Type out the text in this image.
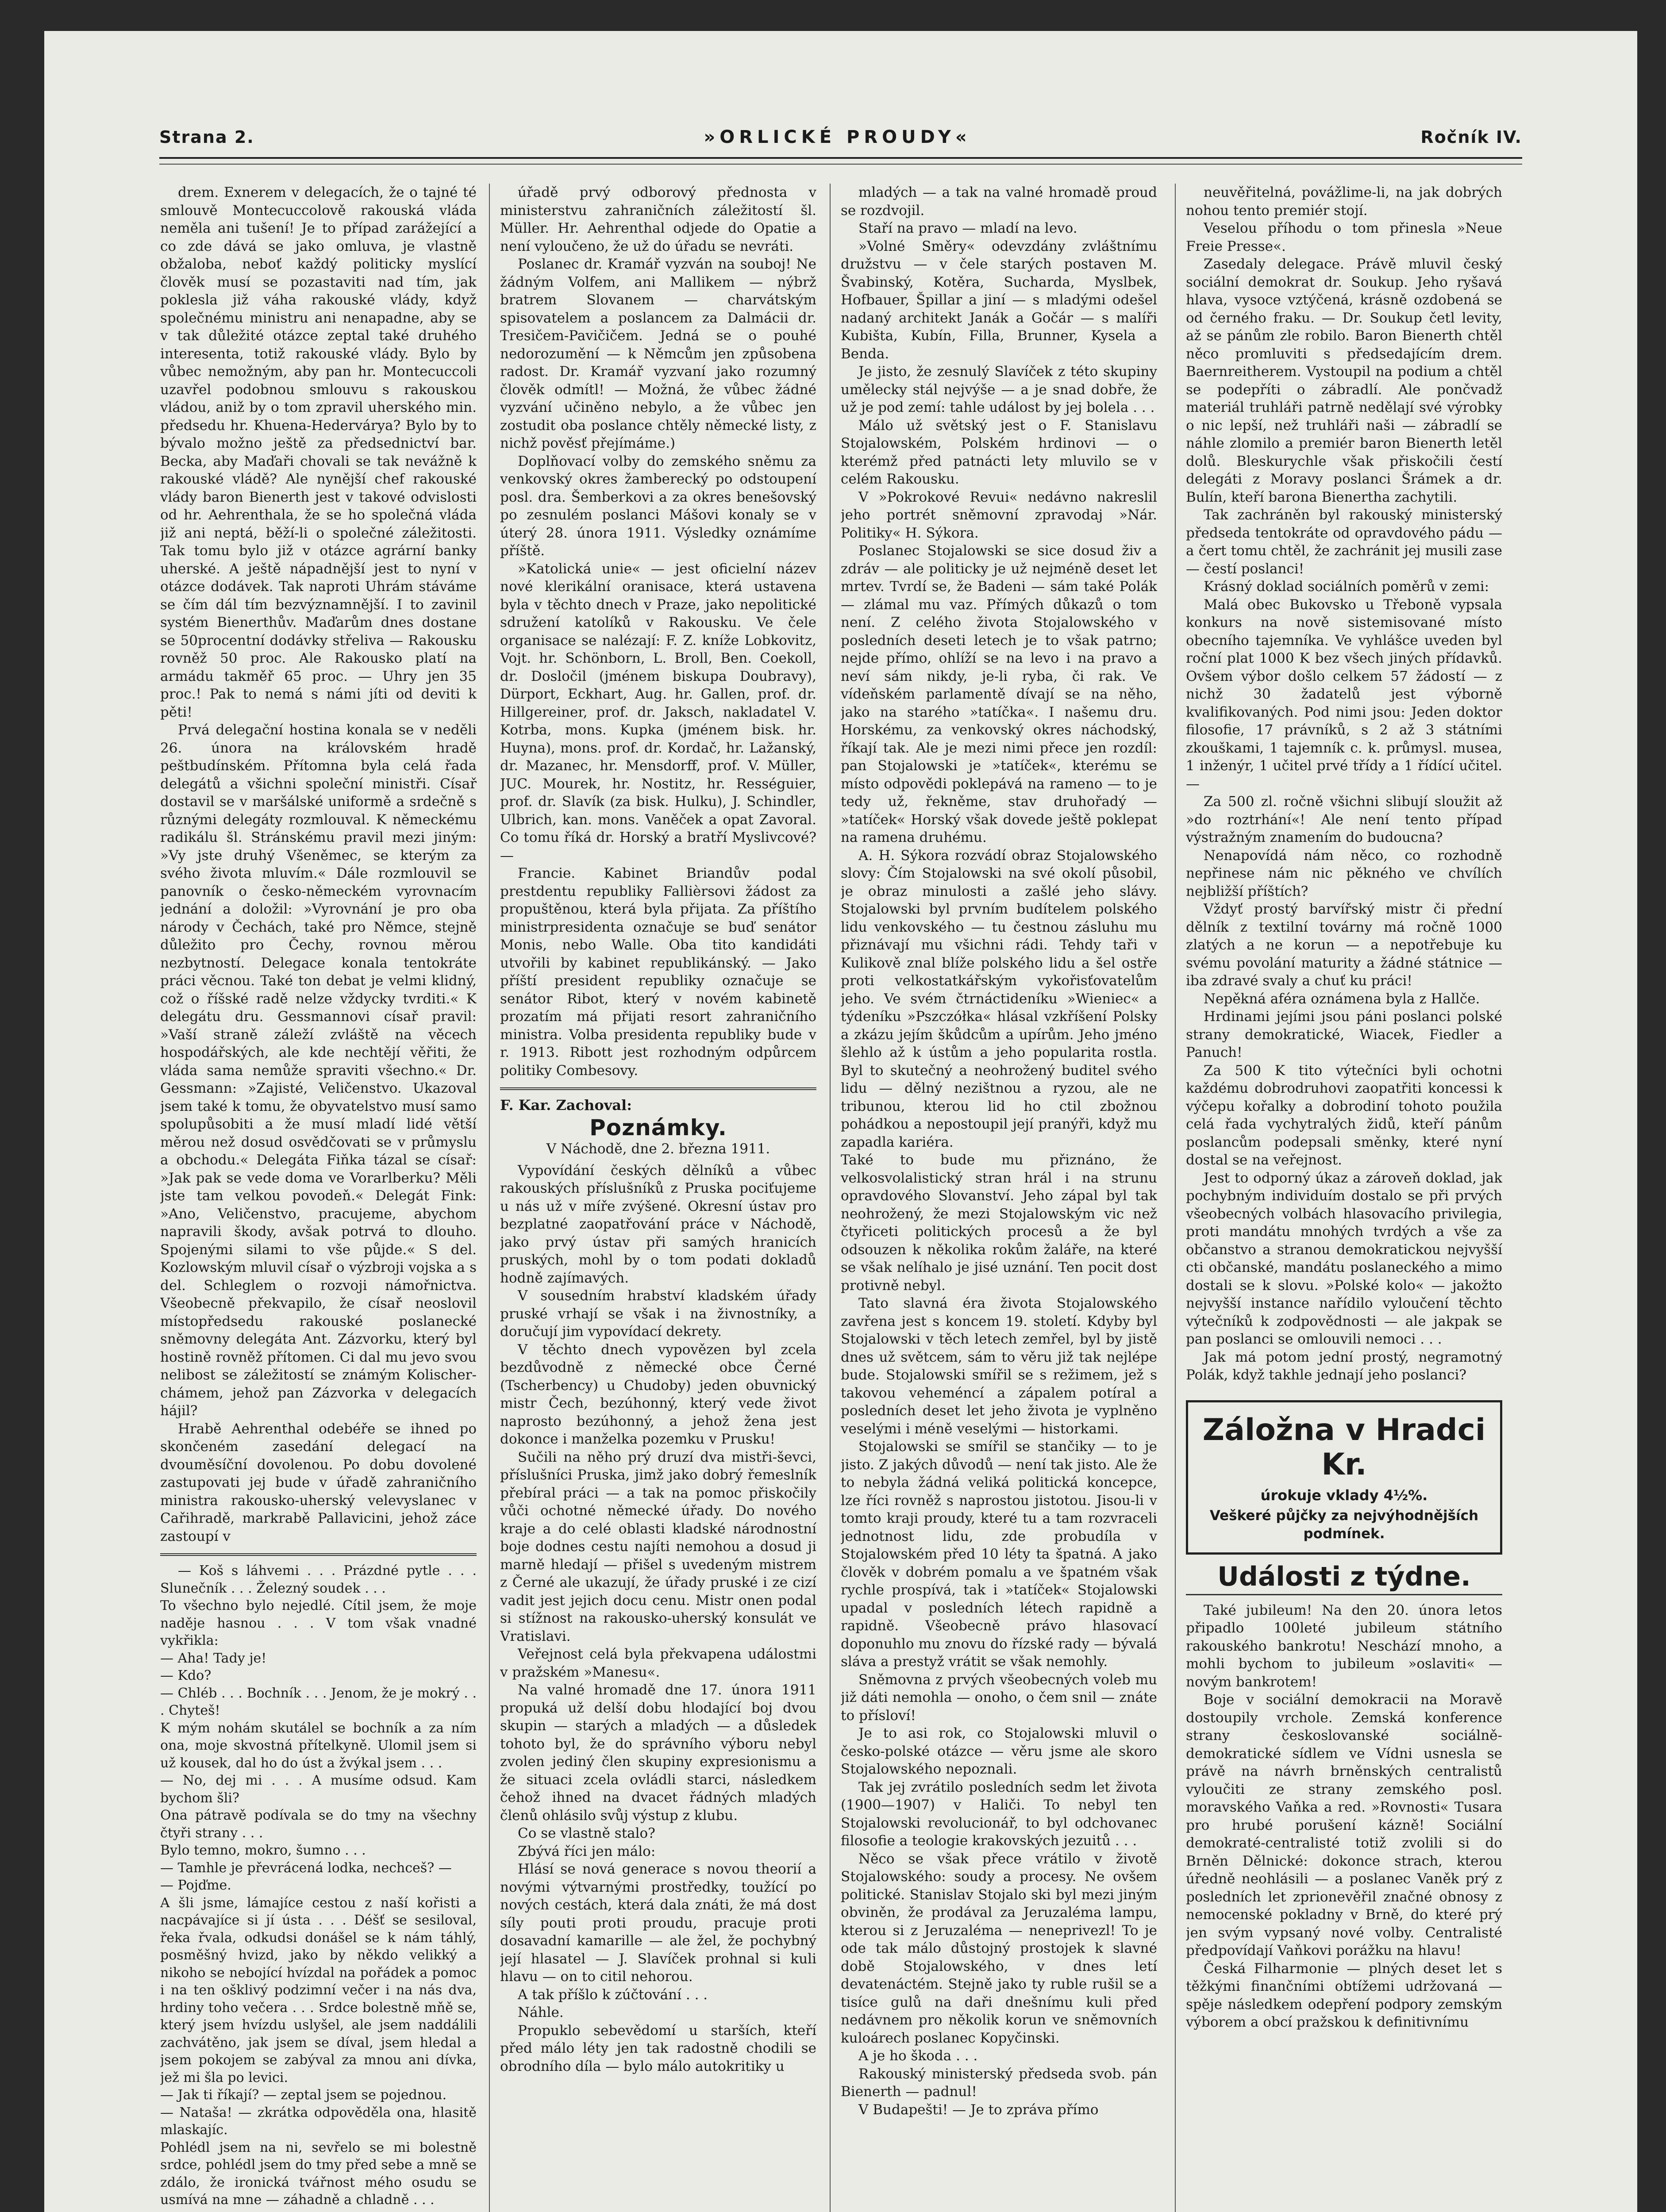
Strana 2.	»ORLICKÉ PROUDY«	Ročník IV.

drem. Exnerem v delegacích, že o tajné té smlouvě Montecuccolově rakouská vláda neměla ani tušení! Je to případ zarážející a co zde dává se jako omluva, je vlastně obžaloba, neboť každý politicky myslící člověk musí se pozastaviti nad tím, jak poklesla již váha rakouské vlády, když společnému ministru ani nenapadne, aby se v tak důležité otázce zeptal také druhého interesenta, totiž rakouské vlády. Bylo by vůbec nemožným, aby pan hr. Montecuccoli uzavřel podobnou smlouvu s rakouskou vládou, aniž by o tom zpravil uherského min. předsedu hr. Khuena-Hedervárya? Bylo by to bývalo možno ještě za předsednictví bar. Becka, aby Maďaři chovali se tak nevážně k rakouské vládě? Ale nynější chef rakouské vlády baron Bienerth jest v takové odvislosti od hr. Aehrenthala, že se ho společná vláda již ani neptá, běží-li o společné záležitosti. Tak tomu bylo již v otázce agrární banky uherské. A ještě nápadnější jest to nyní v otázce dodávek. Tak naproti Uhrám stáváme se čím dál tím bezvýznamnější. I to zavinil systém Bienerthův. Maďarům dnes dostane se 50procentní dodávky střeliva — Rakousku rovněž 50 proc. Ale Rakousko platí na armádu takměř 65 proc. — Uhry jen 35 proc.! Pak to nemá s námi jíti od deviti k pěti!

Prvá delegační hostina konala se v neděli 26. února na královském hradě peštbudínském. Přítomna byla celá řada delegátů a všichni společní ministři. Císař dostavil se v maršálské uniformě a srdečně s různými delegáty rozmlouval. K německému radikálu šl. Stránskému pravil mezi jiným: »Vy jste druhý Všeněmec, se kterým za svého života mluvím.« Dále rozmlouvil se panovník o česko-německém vyrovnacím jednání a doložil: »Vyrovnání je pro oba národy v Čechách, také pro Němce, stejně důležito pro Čechy, rovnou měrou nezbytností. Delegace konala tentokráte práci věcnou. Také ton debat je velmi klidný, což o říšské radě nelze vždycky tvrditi.« K delegátu dru. Gessmannovi císař pravil: »Vaší straně záleží zvláště na věcech hospodářských, ale kde nechtějí věřiti, že vláda sama nemůže spraviti všechno.« Dr. Gessmann: »Zajisté, Veličenstvo. Ukazoval jsem také k tomu, že obyvatelstvo musí samo spolupůsobiti a že musí mladí lidé větší měrou než dosud osvědčovati se v průmyslu a obchodu.« Delegáta Fiňka tázal se císař: »Jak pak se vede doma ve Vorarlberku? Měli jste tam velkou povodeň.« Delegát Fink: »Ano, Veličenstvo, pracujeme, abychom napravili škody, avšak potrvá to dlouho. Spojenými silami to vše půjde.« S del. Kozlowským mluvil císař o výzbroji vojska a s del. Schleglem o rozvoji námořnictva. Všeobecně překvapilo, že císař neoslovil místopředsedu rakouské poslanecké sněmovny delegáta Ant. Zázvorku, který byl hostině rovněž přítomen. Ci dal mu jevo svou nelibost se záležitostí se známým Kolischer-chámem, jehož pan Zázvorka v delegacích hájil?

Hrabě Aehrenthal odebéře se ihned po skončeném zasedání delegací na dvouměsíční dovolenou. Po dobu dovolené zastupovati jej bude v úřadě zahraničního ministra rakousko-uherský velevyslanec v Cařihradě, markrabě Pallavicini, jehož záce zastoupí v

— Koš s láhvemi . . . Prázdné pytle . . . Slunečník . . . Železný soudek . . .
To všechno bylo nejedlé. Cítil jsem, že moje naděje hasnou . . . V tom však vnadné vykřikla:
— Aha! Tady je!
— Kdo?
— Chléb . . . Bochník . . . Jenom, že je mokrý . . . Chyteš!
K mým nohám skutálel se bochník a za ním ona, moje skvostná přítelkyně. Ulomil jsem si už kousek, dal ho do úst a žvýkal jsem . . .
— No, dej mi . . . A musíme odsud. Kam bychom šli?
Ona pátravě podívala se do tmy na všechny čtyři strany . . .
Bylo temno, mokro, šumno . . .
— Tamhle je převrácená lodka, nechceš? —
— Pojďme.
A šli jsme, lámajíce cestou z naší kořisti a nacpávajíce si jí ústa . . . Déšť se sesiloval, řeka řvala, odkudsi donášel se k nám táhlý, posměšný hvizd, jako by někdo velikký a nikoho se nebojící hvízdal na pořádek a pomoc i na ten ošklivý podzimní večer i na nás dva, hrdiny toho večera . . . Srdce bolestně mňě se, který jsem hvízdu uslyšel, ale jsem naddálili zachvátěno, jak jsem se díval, jsem hledal a jsem pokojem se zabýval za mnou ani dívka, jež mi šla po levici.
— Jak ti říkají? — zeptal jsem se pojednou.
— Nataša! — zkrátka odpověděla ona, hlasitě mlaskajíc.
Pohlédl jsem na ni, sevřelo se mi bolestně srdce, pohlédl jsem do tmy před sebe a mně se zdálo, že ironická tvářnost mého osudu se usmívá na mne — záhadně a chladně . . .

úřadě prvý odborový přednosta v ministerstvu zahraničních záležitostí šl. Müller. Hr. Aehrenthal odjede do Opatie a není vyloučeno, že už do úřadu se nevráti.

Poslanec dr. Kramář vyzván na souboj! Ne žádným Volfem, ani Mallikem — nýbrž bratrem Slovanem — charvátským spisovatelem a poslancem za Dalmácii dr. Tresičem-Pavičičem. Jedná se o pouhé nedorozumění — k Němcům jen způsobena radost. Dr. Kramář vyzvaní jako rozumný člověk odmítl! — Možná, že vůbec žádné vyzvání učiněno nebylo, a že vůbec jen zostudit oba poslance chtěly německé listy, z nichž pověsť přejímáme.)

Doplňovací volby do zemského sněmu za venkovský okres žamberecký po odstoupení posl. dra. Šemberkovi a za okres benešovský po zesnulém poslanci Mášovi konaly se v úterý 28. února 1911. Výsledky oznámíme příště.

»Katolická unie« — jest oficielní název nové klerikální oranisace, která ustavena byla v těchto dnech v Praze, jako nepolitické sdružení katolíků v Rakousku. Ve čele organisace se nalézají: F. Z. kníže Lobkovitz, Vojt. hr. Schönborn, L. Broll, Ben. Coekoll, dr. Dosločil (jménem biskupa Doubravy), Dürport, Eckhart, Aug. hr. Gallen, prof. dr. Hillgereiner, prof. dr. Jaksch, nakladatel V. Kotrba, mons. Kupka (jménem bisk. hr. Huyna), mons. prof. dr. Kordač, hr. Lažanský, dr. Mazanec, hr. Mensdorff, prof. V. Müller, JUC. Mourek, hr. Nostitz, hr. Rességuier, prof. dr. Slavík (za bisk. Hulku), J. Schindler, Ulbrich, kan. mons. Vaněček a opat Zavoral. Co tomu říká dr. Horský a bratří Myslivcové? —

Francie. Kabinet Briandův podal prestdentu republiky Fallièrsovi žádost za propuštěnou, která byla přijata. Za příštího ministrpresidenta označuje se buď senátor Monis, nebo Walle. Oba tito kandidáti utvořili by kabinet republikánský. — Jako příští president republiky označuje se senátor Ribot, který v novém kabinetě prozatím má přijati resort zahraničního ministra. Volba presidenta republiky bude v r. 1913. Ribott jest rozhodným odpůrcem politiky Combesovy.

F. Kar. Zachoval:

Poznámky.
V Náchodě, dne 2. března 1911.

Vypovídání českých dělníků a vůbec rakouských příslušníků z Pruska pociťujeme u nás už v míře zvýšené. Okresní ústav pro bezplatné zaopatřování práce v Náchodě, jako prvý ústav při samých hranicích pruských, mohl by o tom podati dokladů hodně zajímavých.

V sousedním hrabství kladském úřady pruské vrhají se však i na živnostníky, a doručují jim vypovídací dekrety.

V těchto dnech vypovězen byl zcela bezdůvodně z německé obce Černé (Tscherbency) u Chudoby) jeden obuvnický mistr Čech, bezúhonný, který vede život naprosto bezúhonný, a jehož žena jest dokonce i manželka pozemku v Prusku!

Sučili na něho prý druzí dva mistři-ševci, příslušníci Pruska, jimž jako dobrý řemeslník přebíral práci — a tak na pomoc přiskočily vůči ochotné německé úřady. Do nového kraje a do celé oblasti kladské národnostní boje dodnes cestu najíti nemohou a dosud ji marně hledají — přišel s uvedeným mistrem z Černé ale ukazují, že úřady pruské i ze cizí vadit jest jejich docu cenu. Mistr onen podal si stížnost na rakousko-uherský konsulát ve Vratislavi.

Veřejnost celá byla překvapena událostmi v pražském »Manesu«.

Na valné hromadě dne 17. února 1911 propuká už delší dobu hlodající boj dvou skupin — starých a mladých — a důsledek tohoto byl, že do správního výboru nebyl zvolen jediný člen skupiny expresionismu a že situaci zcela ovládli starci, následkem čehož ihned na dvacet řádných mladých členů ohlásilo svůj výstup z klubu.

Co se vlastně stalo?

Zbývá říci jen málo:

Hlásí se nová generace s novou theorií a novými výtvarnými prostředky, toužící po nových cestách, která dala znáti, že má dost síly pouti proti proudu, pracuje proti dosavadní kamarille — ale žel, že pochybný její hlasatel — J. Slavíček prohnal si kuli hlavu — on to citil nehorou.

A tak příšlo k zúčtování . . .

Náhle.

Propuklo sebevědomí u starších, kteří před málo léty jen tak radostně chodili se obrodního díla — bylo málo autokritiky u

mladých — a tak na valné hromadě proud se rozdvojil.

Staří na pravo — mladí na levo.

»Volné Směry« odevzdány zvláštnímu družstvu — v čele starých postaven M. Švabinský, Kotěra, Suchardа, Myslbek, Hofbauer, Špillar a jiní — s mladými odešel nadaný architekt Janák a Gočár — s malíři Kubišta, Kubín, Filla, Brunner, Kysela a Benda.

Je jisto, že zesnulý Slavíček z této skupiny umělecky stál nejvýše — a je snad dobře, že už je pod zemí: tahle událost by jej bolela . . .

Málo už světský jest o F. Stanislavu Stojalowském, Polském hrdinovi — o kterémž před patnácti lety mluvilo se v celém Rakousku.

V »Pokrokové Revui« nedávno nakreslil jeho portrét sněmovní zpravodaj »Nár. Politiky« H. Sýkora.

Poslanec Stojalowski se sice dosud živ a zdráv — ale politicky je už nejméně deset let mrtev. Tvrdí se, že Badeni — sám také Polák — zlámal mu vaz. Přímých důkazů o tom není. Z celého života Stojalowského v posledních deseti letech je to však patrno; nejde přímo, ohlíží se na levo i na pravo a neví sám nikdy, je-li ryba, či rak. Ve vídeňském parlamentě dívají se na něho, jako na starého »tatíčka«. I našemu dru. Horskému, za venkovský okres náchodský, říkají tak. Ale je mezi nimi přece jen rozdíl: pan Stojalowski je »tatíček«, kterému se místo odpovědi poklepává na rameno — to je tedy už, řekněme, stav druhořadý — »tatíček« Horský však dovede ještě poklepat na ramena druhému.

A. H. Sýkora rozvádí obraz Stojalowského slovy: Čím Stojalowski na své okolí působil, je obraz minulosti a zašlé jeho slávy. Stojalowski byl prvním budítelem polského lidu venkovského — tu čestnou zásluhu mu přiznávají mu všichni rádi. Tehdy taři v Kulikově znal blíže polského lidu a šel ostře proti velkostatkářským vykořisťovatelům jeho. Ve svém čtrnáctideníku »Wieniec« a týdeníku »Pszczółka« hlásal vzkříšení Polsky a zkázu jejím škůdcům a upírům. Jeho jméno šlehlo až k ústům a jeho popularita rostla. Byl to skutečný a neohrožený buditel svého lidu — dělný nezištnou a ryzou, ale ne tribunou, kterou lid ho ctil zbožnou pohádkou a nepostoupil její pranýři, když mu zapadla kariéra.
Také to bude mu přiznáno, že velkosvolalistický stran hrál i na strunu opravdového Slovanství. Jeho zápal byl tak neohrožený, že mezi Stojalowským vic než čtyřiceti politických procesů a že byl odsouzen k několika rokům žaláře, na které se však nelíhalo je jisé uznání. Ten pocit dost protivně nebyl.

Tato slavná éra života Stojalowského zavřena jest s koncem 19. století. Kdyby byl Stojalowski v těch letech zemřel, byl by jistě dnes už světcem, sám to věru již tak nejlépe bude. Stojalowski smířil se s režimem, jež s takovou veheméncí a zápalem potíral a posledních deset let jeho života je vyplněno veselými i méně veselými — historkami.

Stojalowski se smířil se stančiky — to je jisto. Z jakých důvodů — není tak jisto. Ale že to nebyla žádná veliká politická koncepce, lze říci rovněž s naprostou jistotou. Jisou-li v tomto kraji proudy, které tu a tam rozvraceli jednotnost lidu, zde probudíla v Stojalowském před 10 léty ta špatná. A jako člověk v dobrém pomalu a ve špatném však rychle prospívá, tak i »tatíček« Stojalowski upadal v posledních létech rapidně a rapidně. Všeobecně právo hlasovací doponuhlo mu znovu do řízské rady — bývalá sláva a prestyž vrátit se však nemohly.

Sněmovna z prvých všeobecných voleb mu již dáti nemohla — onoho, o čem snil — znáte to přísloví!

Je to asi rok, co Stojalowski mluvil o česko-polské otázce — věru jsme ale skoro Stojalowského nepoznali.

Tak jej zvrátilo posledních sedm let života (1900—1907) v Haliči. To nebyl ten Stojalowski revolucionář, to byl odchovanec filosofie a teologie krakovských jezuitů . . .

Něco se však přece vrátilo v životě Stojalowského: soudy a procesy. Ne ovšem politické. Stanislav Stojalo ski byl mezi jiným obviněn, že prodával za Jeruzalémа lampu, kterou si z Jeruzaléma — neneprivezl! To je ode tak málo důstojný prostojek k slavné době Stojalowského, v dnes letí devatenáctém. Stejně jako ty ruble rušil se a tisíce gulů na daři dnešnímu kuli před nedávnem pro několik korun ve sněmovních kuloárech poslanec Kopyčinski.

A je ho škoda . . .

Rakouský ministerský předseda svob. pán Bienerth — padnul!

V Budapešti! — Je to zpráva přímo

neuvěřitelná, povážlime-li, na jak dobrých nohou tento premiér stojí.

Veselou příhodu o tom přinesla »Neue Freie Presse«.

Zasedaly delegace. Právě mluvil český sociální demokrat dr. Soukup. Jeho ryšavá hlava, vysoce vztýčená, krásně ozdobená se od černého fraku. — Dr. Soukup četl levity, až se pánům zle robilo. Baron Bienerth chtěl něco promluviti s předsedajícím drem. Baernreitherem. Vystoupil na podium a chtěl se podepříti o zábradlí. Ale pončvadž materiál truhláři patrně nedělají své výrobky o nic lepší, než truhláři naši — zábradlí se náhle zlomilo a premiér baron Bienerth letěl dolů. Bleskurychle však přiskočili čestí delegáti z Moravy poslanci Šrámek a dr. Bulín, kteří barona Bienertha zachytili.

Tak zachráněn byl rakouský ministerský předseda tentokráte od opravdového pádu — a čert tomu chtěl, že zachránit jej musili zase — čestí poslanci!

Krásný doklad sociálních poměrů v zemi:

Malá obec Bukovsko u Třeboně vypsala konkurs na nově sistemisované místo obecního tajemníka. Ve vyhlášce uveden byl roční plat 1000 K bez všech jiných přídavků. Ovšem výbor došlo celkem 57 žádostí — z nichž 30 žadatelů jest výborně kvalifikovaných. Pod nimi jsou: Jeden doktor filosofie, 17 právníků, s 2 až 3 státními zkouškami, 1 tajemník c. k. průmysl. musea, 1 inženýr, 1 učitel prvé třídy a 1 řídící učitel. —

Za 500 zl. ročně všichni slibují sloužit až »do roztrhání«! Ale není tento případ výstražným znamením do budoucna?

Nenapovídá nám něco, co rozhodně nepřinese nám nic pěkného ve chvílích nejbližší příštích?

Vždyť prostý barvířský mistr či přední dělník z textilní továrny má ročně 1000 zlatých a ne korun — a nepotřebuje ku svému povolání maturity a žádné státnice — iba zdravé svaly a chuť ku práci!

Nepěkná aféra oznámena byla z Hallče.

Hrdinami jejími jsou páni poslanci polské strany demokratické, Wiacek, Fiedler a Panuch!

Za 500 K tito výtečníci byli ochotni každému dobrodruhovi zaopatřiti koncessi k výčepu kořalky a dobrodiní tohoto použila celá řada vychytralých židů, kteří pánům poslancům podepsali směnky, které nyní dostal se na veřejnost.

Jest to odporný úkaz a zároveň doklad, jak pochybným individuím dostalo se při prvých všeobecných volbách hlasovacího privilegia, proti mandátu mnohých tvrdých a vše za občanstvo a stranou demokratickou nejvyšší cti občanské, mandátu poslaneckého a mimo dostali se k slovu. »Polské kolo« — jakožto nejvyšší instance nařídilo vyloučení těchto výtečníků k zodpovědnosti — ale jakpak se pan poslanci se omlouvili nemoci . . .

Jak má potom jední prostý, negramotný Polák, když takhle jednají jeho poslanci?

Záložna v Hradci Kr.
úrokuje vklady 4½%.
Veškeré půjčky za nejvýhodnějších podmínek.
Události z týdne.

Také jubileum! Na den 20. února letos připadlo 100leté jubileum státního rakouského bankrotu! Neschází mnoho, a mohli bychom to jubileum »oslaviti« — novým bankrotem!

Boje v sociální demokracii na Moravě dostoupily vrchole. Zemská konference strany českoslovanské sociálně-demokratické sídlem ve Vídni usnesla se právě na návrh brněnských centralistů vyloučiti ze strany zemského posl. moravského Vaňka a red. »Rovnosti« Tusara pro hrubé porušení kázně! Sociální demokraté-centralisté totiž zvolili si do Brněn Dělnické: dokonce strach, kterou úředně neohlásili — a poslanec Vaněk prý z posledních let zprionevěřil značné obnosy z nemocenské pokladny v Brně, do které prý jen svým vypsaný nové volby. Centralisté předpovídají Vaňkovi porážku na hlavu!

Česká Filharmonie — plných deset let s těžkými finančními obtížemi udržovaná — spěje následkem odepření podpory zemským výborem a obcí pražskou k definitivnímu
